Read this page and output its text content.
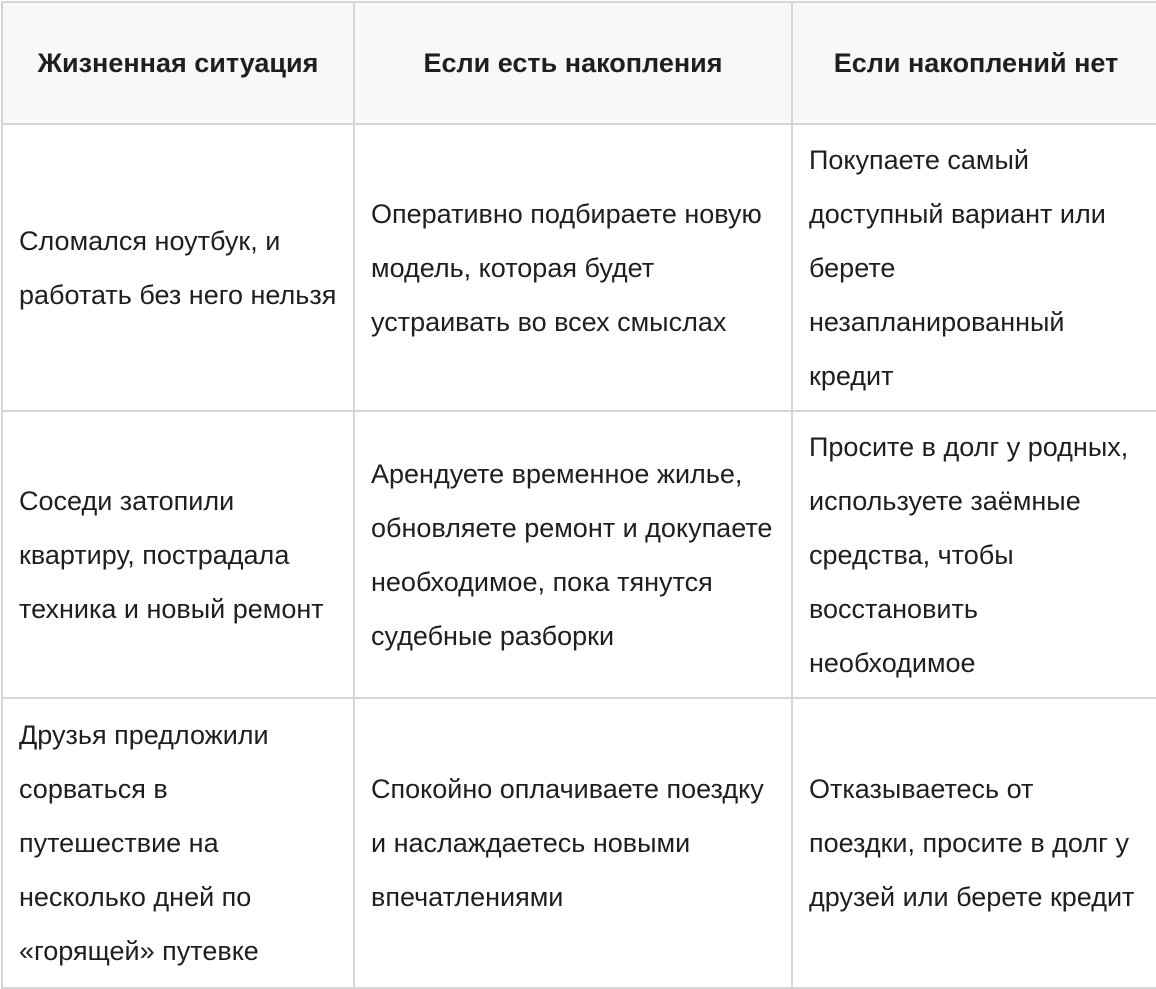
Жизненная ситуация	Если есть накопления	Если накоплений нет
Сломался ноутбук, и работать без него нельзя	Оперативно подбираете новую модель, которая будет устраивать во всех смыслах	Покупаете самый доступный вариант или берете незапланированный кредит
Соседи затопили квартиру, пострадала техника и новый ремонт	Арендуете временное жилье, обновляете ремонт и докупаете необходимое, пока тянутся судебные разборки	Просите в долг у родных, используете заёмные средства, чтобы восстановить необходимое
Друзья предложили сорваться в путешествие на несколько дней по «горящей» путевке	Спокойно оплачиваете поездку и наслаждаетесь новыми впечатлениями	Отказываетесь от поездки, просите в долг у друзей или берете кредит
